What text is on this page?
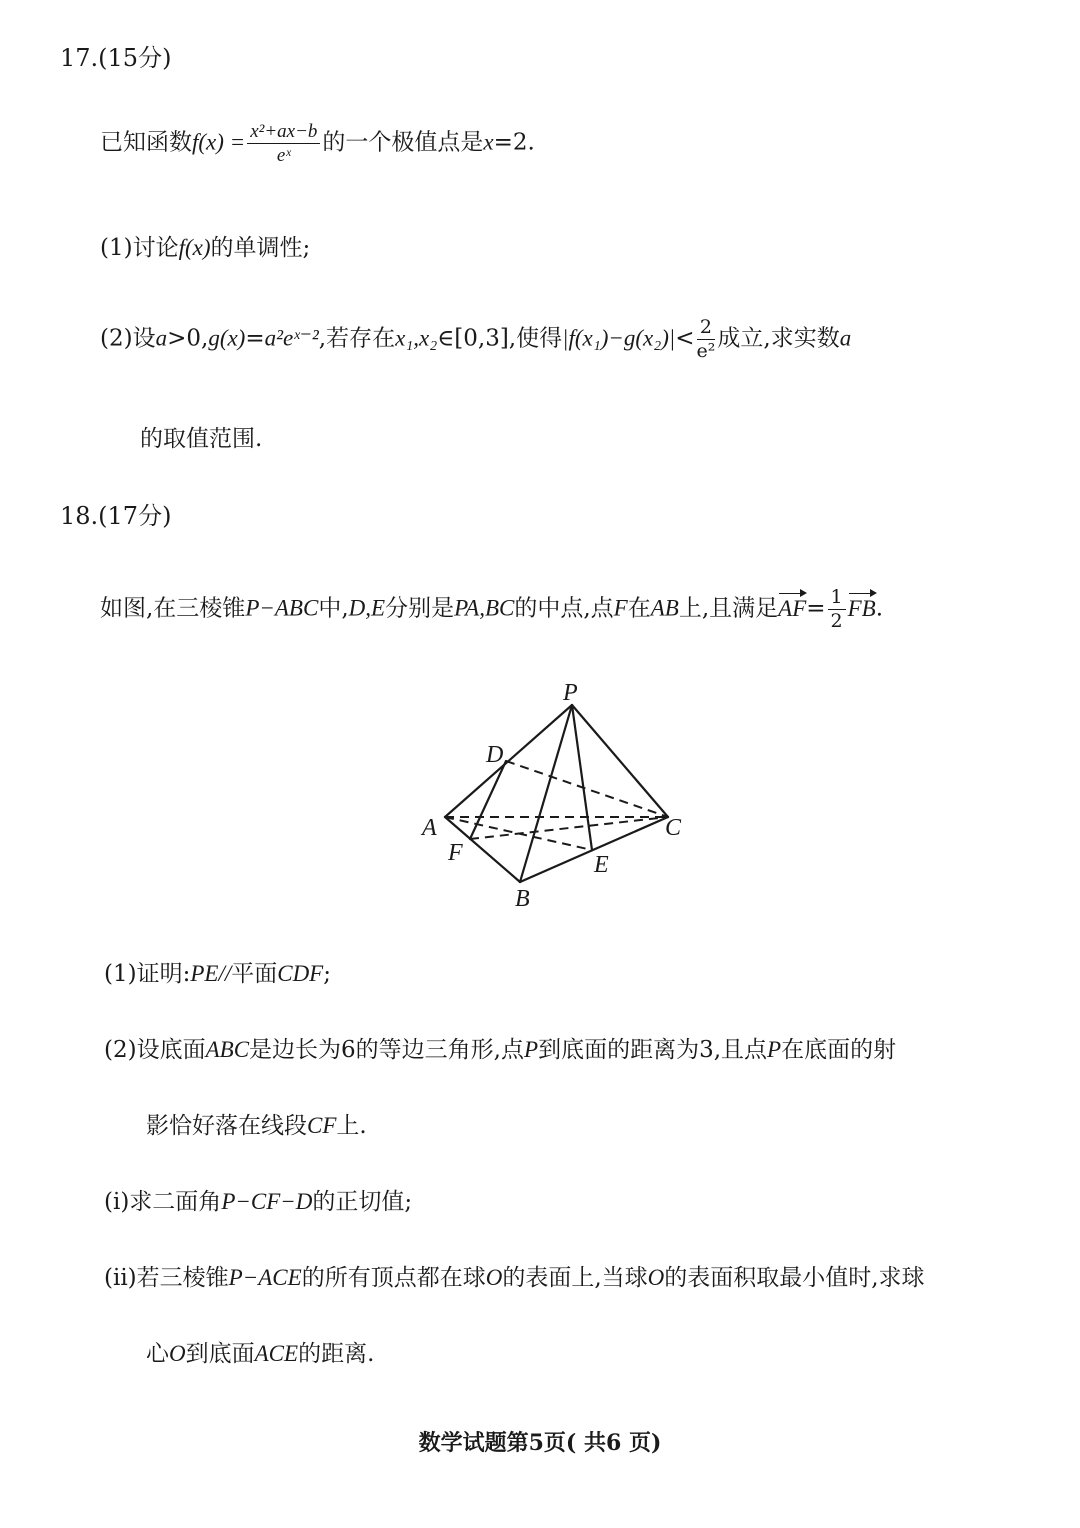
17.(15分)
已知函数$f(x) = \frac{\text{x²+ax−b}}{\text{eˣ}}$ 的一个极值点是x=2.
(1)讨论f(x)的单调性;
(2)设a>0,g(x)=a²eˣ⁻²,若存在x₁,x₂∈[0,3],使得$|f(x_1)-g(x_2)|< \frac{2}{\text{e²}}$ 成立,求实数a
的取值范围.
18.(17分)
如图,在三棱锥P−ABC中,D,E分别是PA,BC的中点,点F在AB上,且满足$AF= \frac{1}{2}$ FB.
P
D
A	C
F	E
B
(1)证明:PE//平面CDF;
(2)设底面ABC是边长为6的等边三角形,点P到底面的距离为3,且点P在底面的射
影恰好落在线段CF上.
(i)求二面角P−CF−D的正切值;
(ii)若三棱锥P−ACE的所有顶点都在球O的表面上,当球O的表面积取最小值时,求球
心O到底面ACE的距离.
数学试题第5页( 共6 页)
